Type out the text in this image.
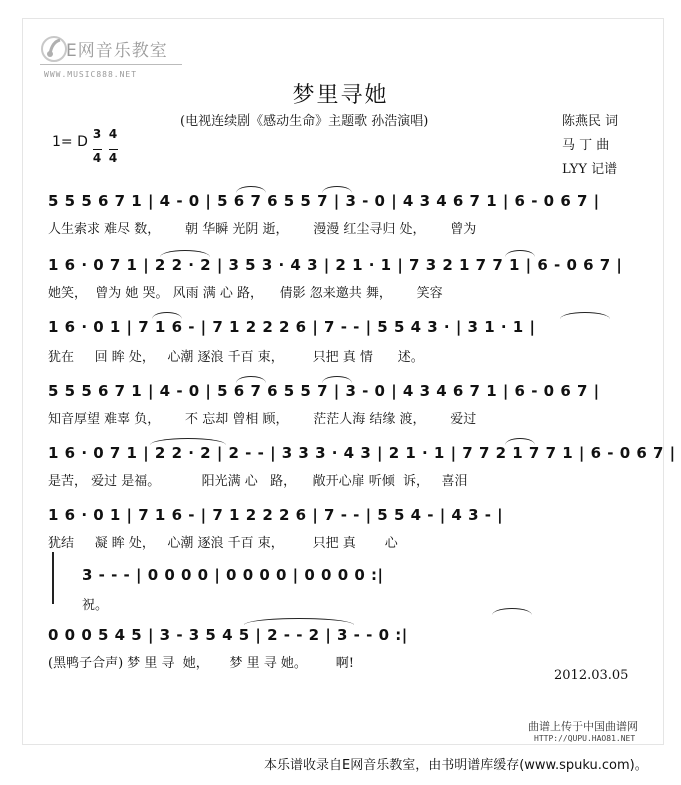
E网音乐教室
WWW.MUSIC888.NET
梦里寻她
(电视连续剧《感动生命》主题歌 孙浩演唱)
1= D 3

4
4

4
陈燕民 词
马 丁 曲
LYY 记谱
5 5 5 6 7 1 | 4 - 0 | 5 6 7 6 5 5 7 | 3 - 0 | 4 3 4 6 7 1 | 6 - 0 6 7 |
人生索求 难尽 数，      朝 华瞬 光阴 逝，      漫漫 红尘寻归 处，      曾为
1 6 · 0 7 1 | 2 2 · 2 | 3 5 3 · 4 3 | 2 1 · 1 | 7 3 2 1 7 7 1 | 6 - 0 6 7 |
她笑，  曾为 她 哭。 风雨 满 心 路，    倩影 忽来邀共 舞，      笑容
1 6 · 0 1 | 7 1 6 - | 7 1 2 2 2 6 | 7 - - | 5 5 4 3 · | 3 1 · 1 |
犹在     回 眸 处，   心潮 逐浪 千百 束，       只把 真 情      述。
5 5 5 6 7 1 | 4 - 0 | 5 6 7 6 5 5 7 | 3 - 0 | 4 3 4 6 7 1 | 6 - 0 6 7 |
知音厚望 难辜 负，      不 忘却 曾相 顾，      茫茫人海 结缘 渡，      爱过
1 6 · 0 7 1 | 2 2 · 2 | 2 - - | 3 3 3 · 4 3 | 2 1 · 1 | 7 7 2 1 7 7 1 | 6 - 0 6 7 |
是苦， 爱过 是福。          阳光满 心   路，    敞开心扉 听倾  诉，   喜泪
1 6 · 0 1 | 7 1 6 - | 7 1 2 2 2 6 | 7 - - | 5 5 4 - | 4 3 - |
犹结     凝 眸 处，   心潮 逐浪 千百 束，       只把 真       心
3 - - - | 0 0 0 0 | 0 0 0 0 | 0 0 0 0 :|
祝。
0 0 0 5 4 5 | 3 - 3 5 4 5 | 2 - - 2 | 3 - - 0 :|
(黑鸭子合声) 梦 里 寻  她，     梦 里 寻 她。       啊!
2012.03.05
曲谱上传于中国曲谱网
HTTP://QUPU.HAO81.NET
本乐谱收录自E网音乐教室，由书明谱库缓存(www.spuku.com)。
